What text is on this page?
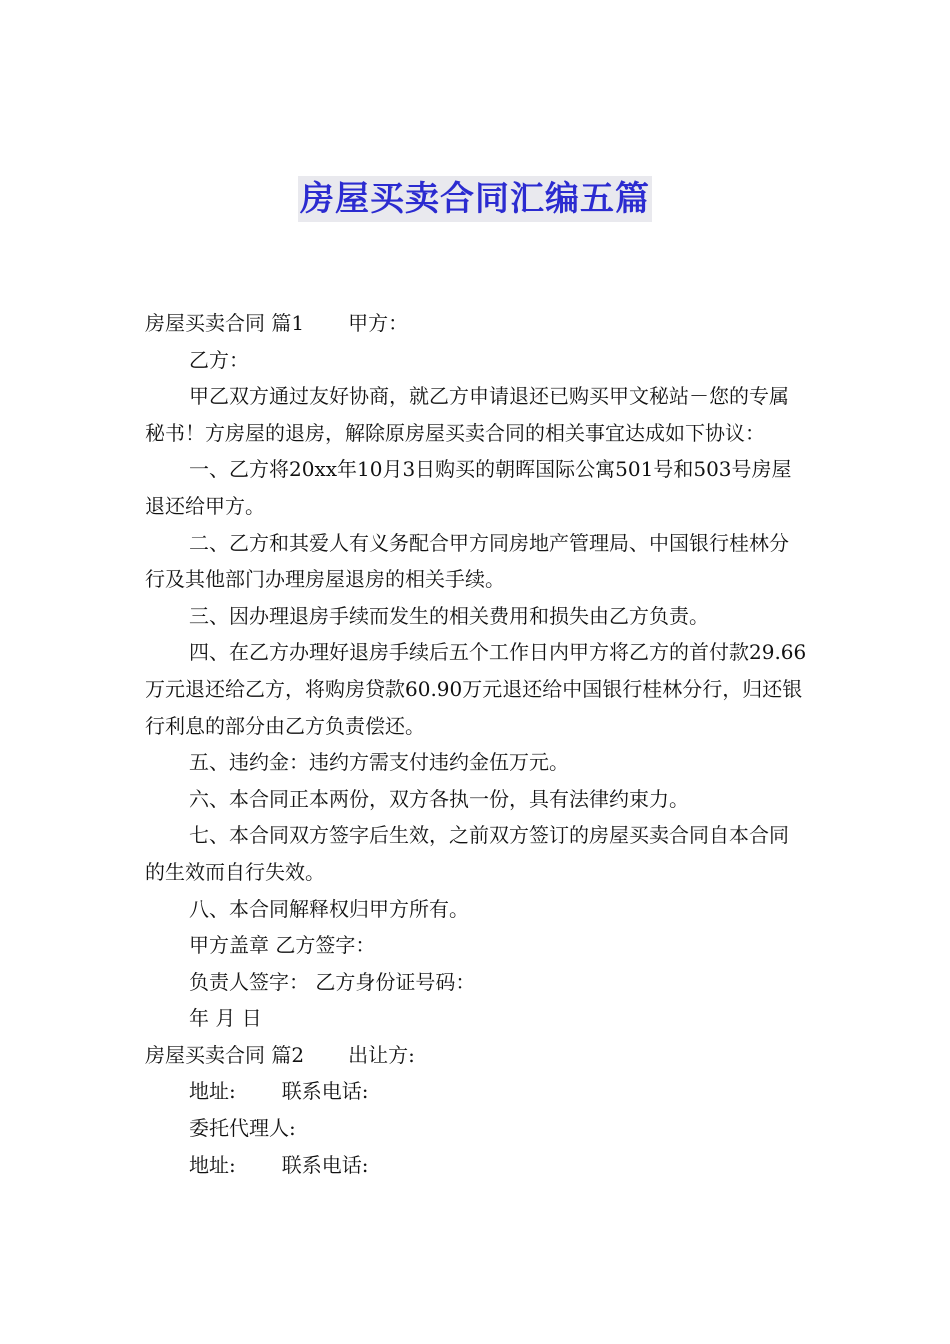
房屋买卖合同汇编五篇

房屋买卖合同 篇1 甲方：

乙方：

甲乙双方通过友好协商，就乙方申请退还已购买甲文秘站－您的专属秘书！方房屋的退房，解除原房屋买卖合同的相关事宜达成如下协议：

一、乙方将20xx年10月3日购买的朝晖国际公寓501号和503号房屋退还给甲方。

二、乙方和其爱人有义务配合甲方同房地产管理局、中国银行桂林分行及其他部门办理房屋退房的相关手续。

三、因办理退房手续而发生的相关费用和损失由乙方负责。

四、在乙方办理好退房手续后五个工作日内甲方将乙方的首付款29.66万元退还给乙方，将购房贷款60.90万元退还给中国银行桂林分行，归还银行利息的部分由乙方负责偿还。

五、违约金：违约方需支付违约金伍万元。

六、本合同正本两份，双方各执一份，具有法律约束力。

七、本合同双方签字后生效，之前双方签订的房屋买卖合同自本合同的生效而自行失效。

八、本合同解释权归甲方所有。

甲方盖章 乙方签字：

负责人签字： 乙方身份证号码：

年 月 日

房屋买卖合同 篇2 出让方:

地址: 联系电话:

委托代理人:

地址: 联系电话:
